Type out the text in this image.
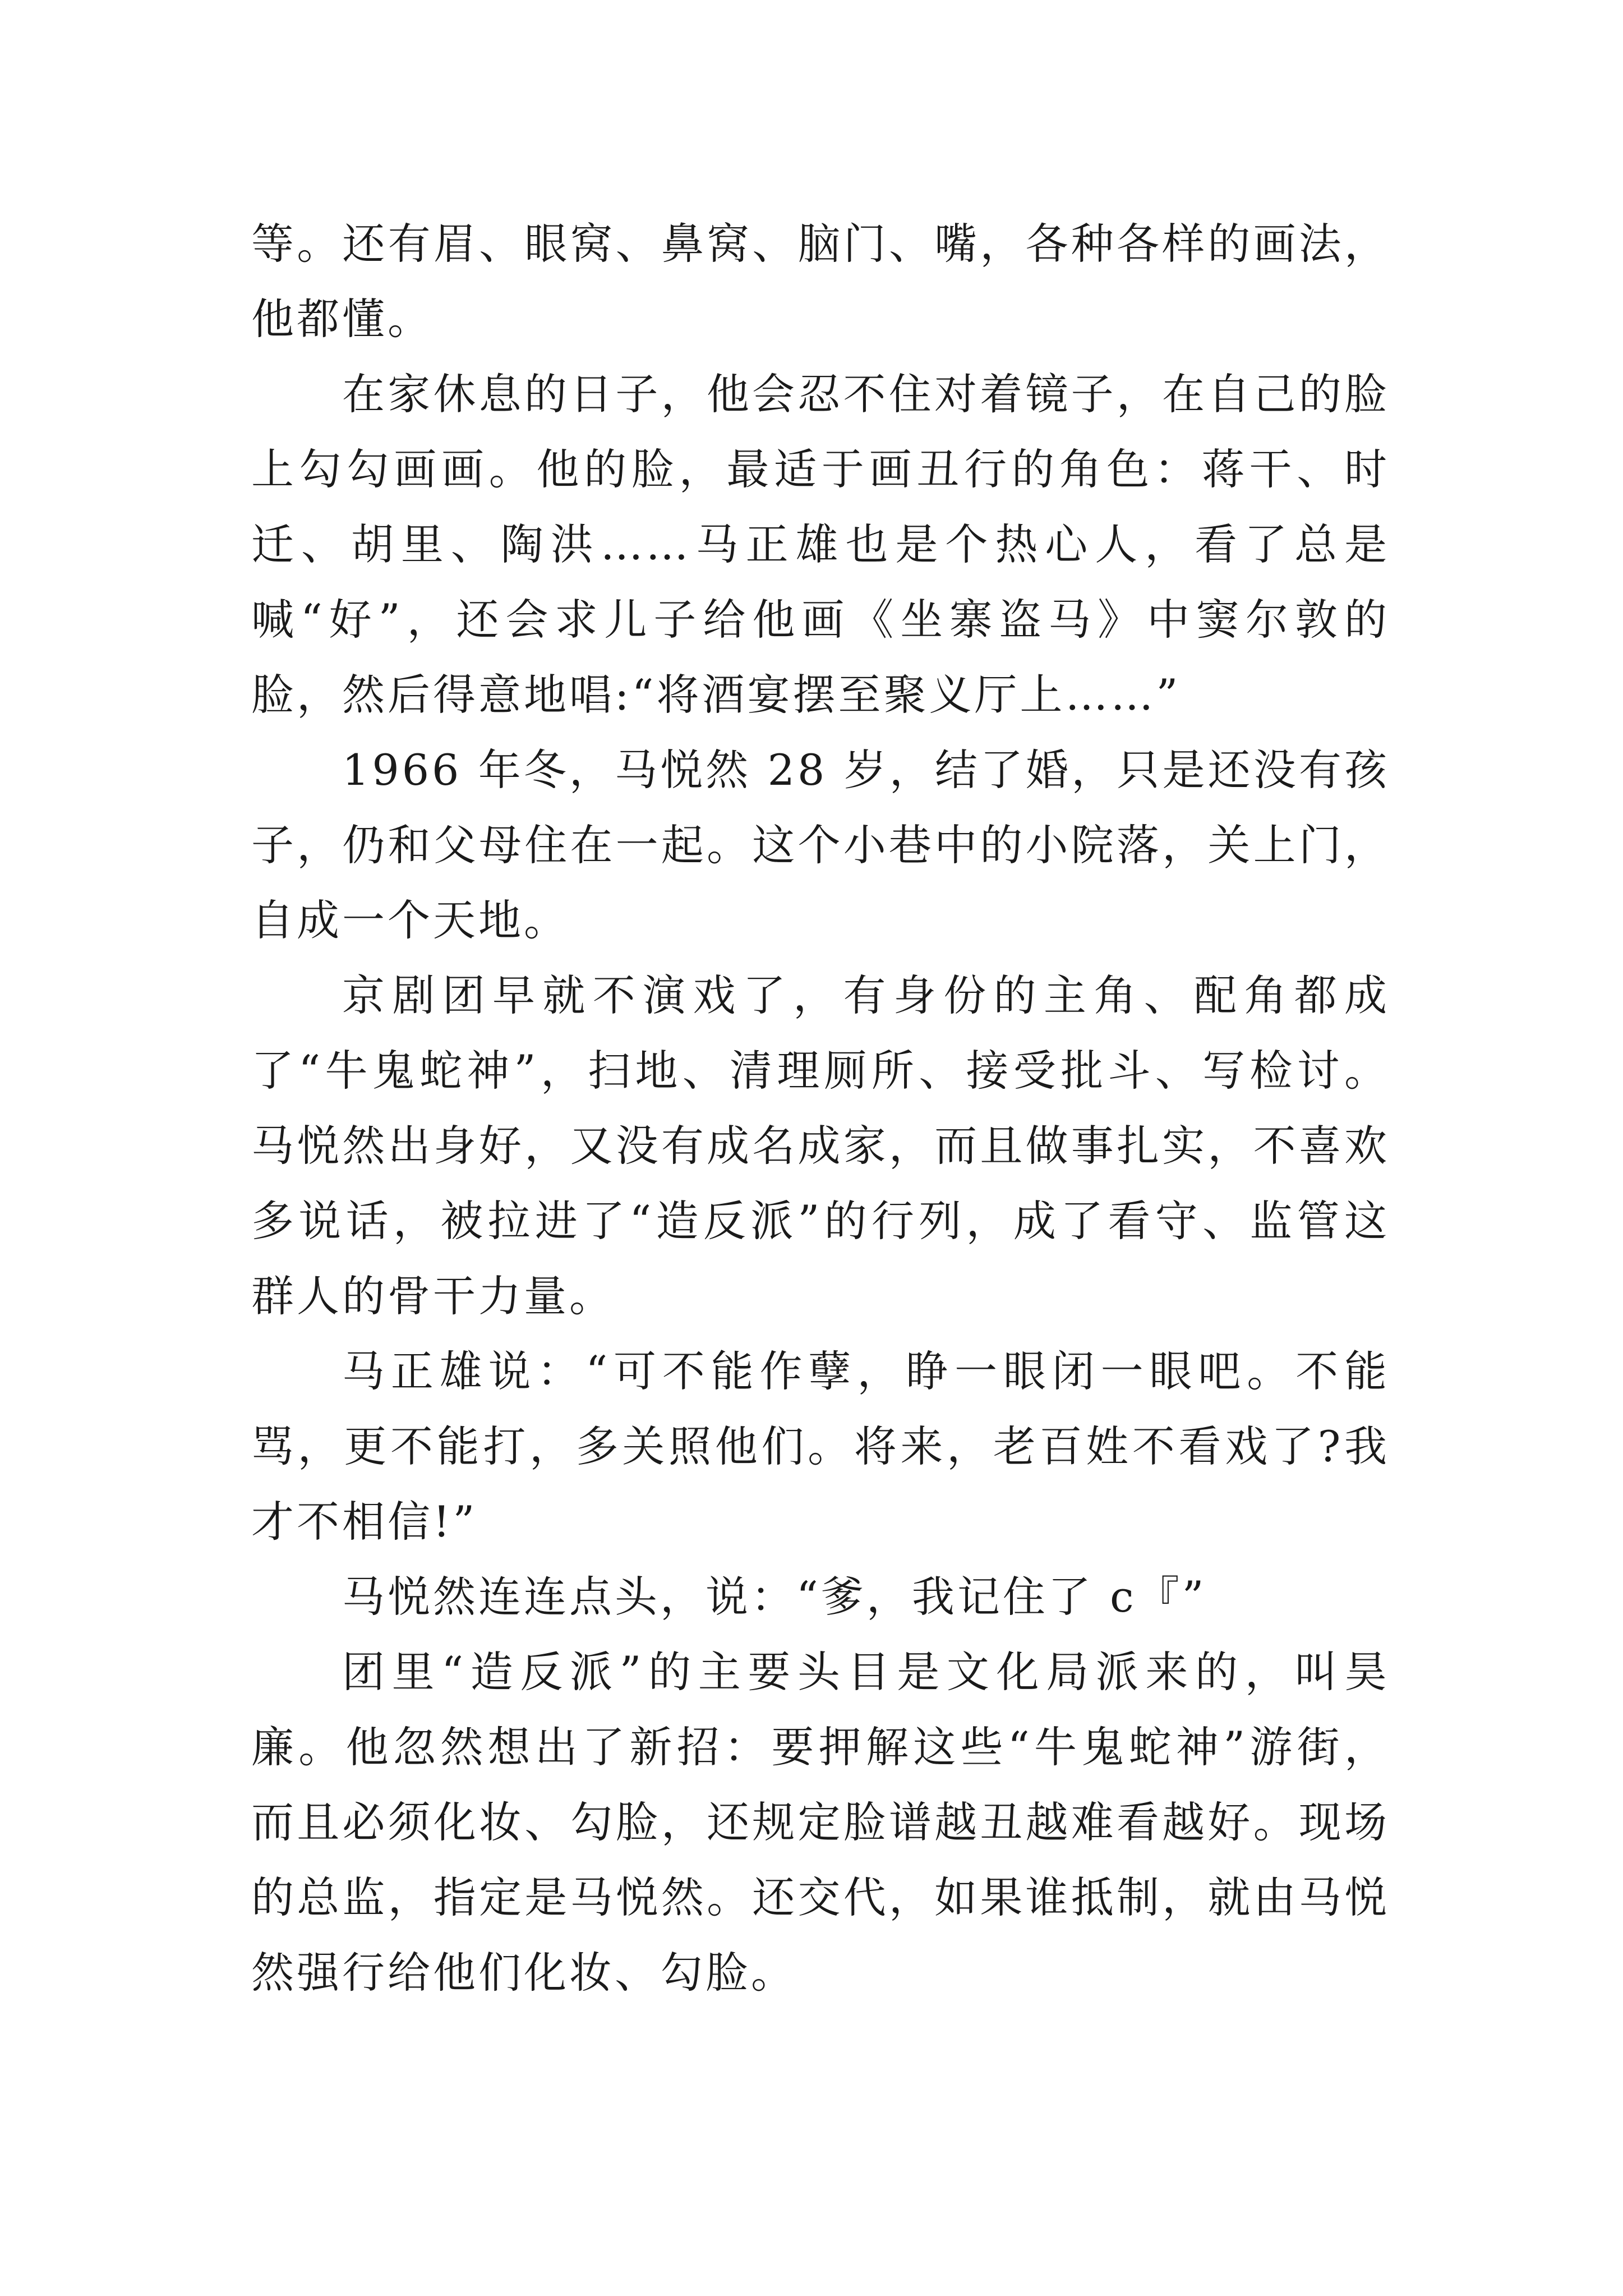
等。还有眉、眼窝、鼻窝、脑门、嘴，各种各样的画法，他都懂。

在家休息的日子，他会忍不住对着镜子，在自己的脸上勾勾画画。他的脸，最适于画丑行的角色：蒋干、时迁、胡里、陶洪……马正雄也是个热心人，看了总是喊“好”，还会求儿子给他画《坐寨盗马》中窦尔敦的脸，然后得意地唱:“将酒宴摆至聚义厅上……”

1966 年冬，马悦然 28 岁，结了婚，只是还没有孩子，仍和父母住在一起。这个小巷中的小院落，关上门，自成一个天地。

京剧团早就不演戏了，有身份的主角、配角都成了“牛鬼蛇神”，扫地、清理厕所、接受批斗、写检讨。马悦然出身好，又没有成名成家，而且做事扎实，不喜欢多说话，被拉进了“造反派”的行列，成了看守、监管这群人的骨干力量。

马正雄说：“可不能作孽，睁一眼闭一眼吧。不能骂，更不能打，多关照他们。将来，老百姓不看戏了?我才不相信!”

马悦然连连点头，说：“爹，我记住了 c『”

团里“造反派”的主要头目是文化局派来的，叫昊廉。他忽然想出了新招：要押解这些“牛鬼蛇神”游街，而且必须化妆、勾脸，还规定脸谱越丑越难看越好。现场的总监，指定是马悦然。还交代，如果谁抵制，就由马悦然强行给他们化妆、勾脸。
